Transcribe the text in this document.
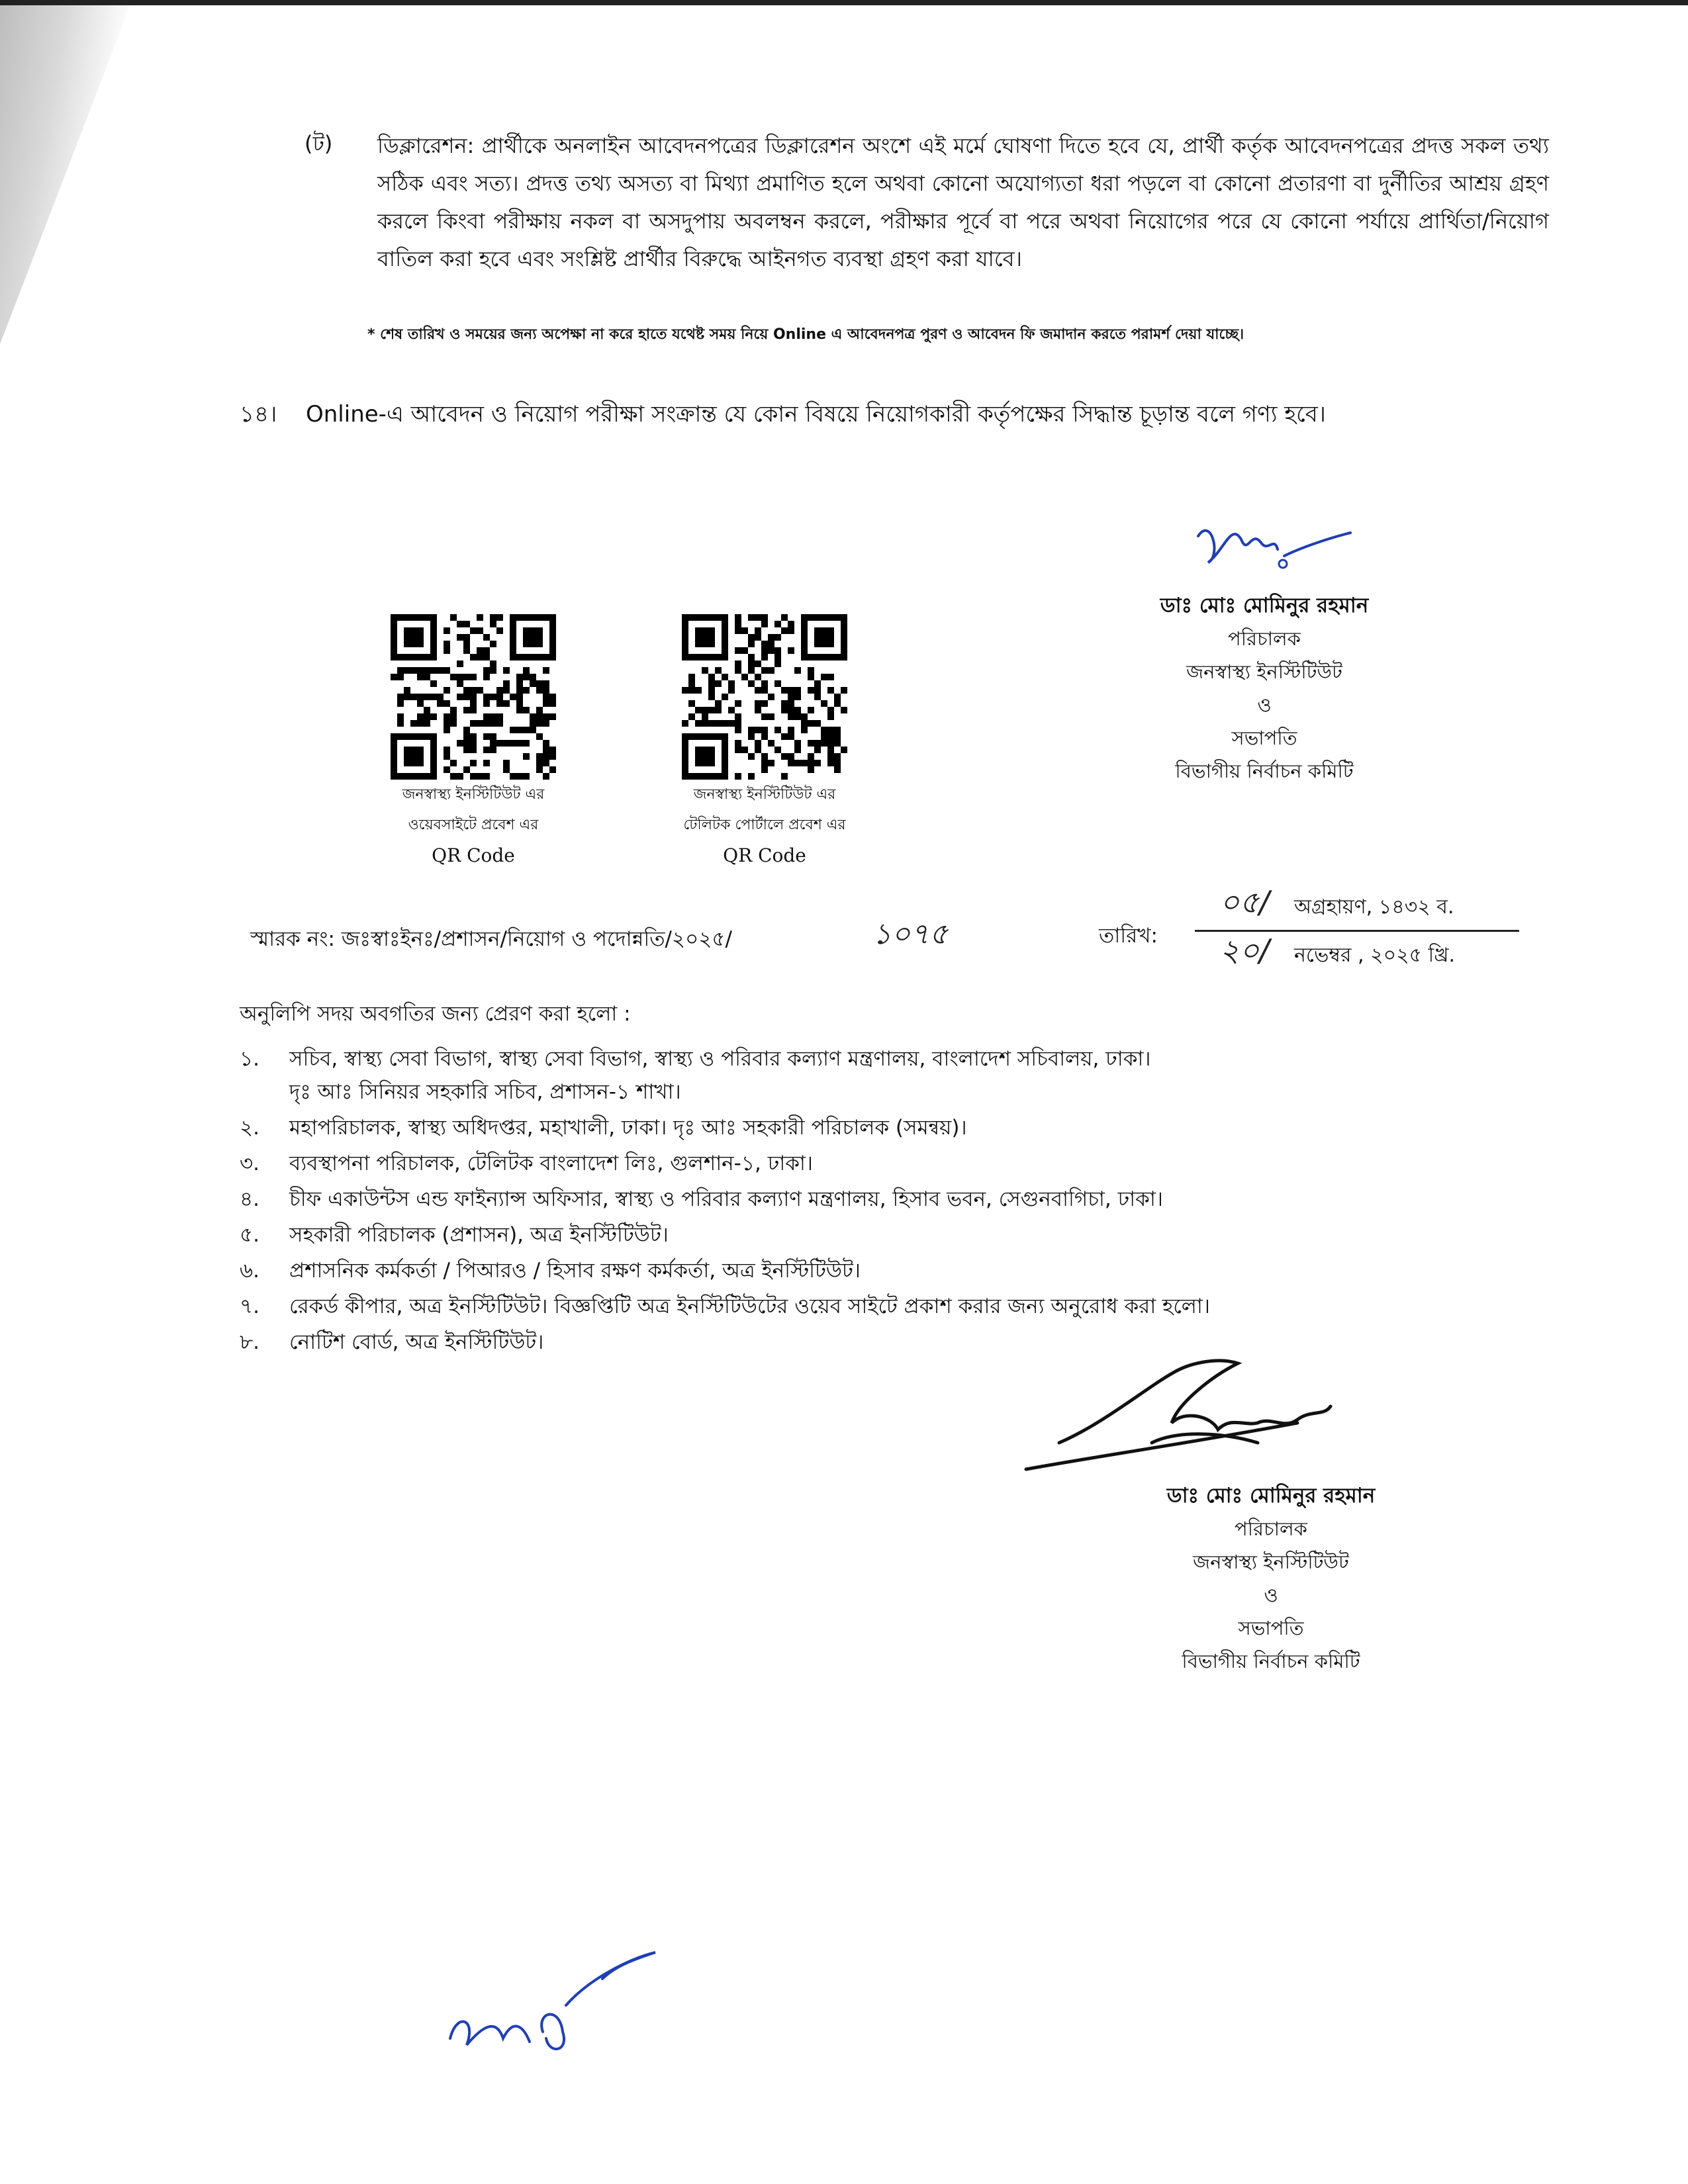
(ট) ডিক্লারেশন: প্রার্থীকে অনলাইন আবেদনপত্রের ডিক্লারেশন অংশে এই মর্মে ঘোষণা দিতে হবে যে, প্রার্থী কর্তৃক আবেদনপত্রের প্রদত্ত সকল তথ্য সঠিক এবং সত্য। প্রদত্ত তথ্য অসত্য বা মিথ্যা প্রমাণিত হলে অথবা কোনো অযোগ্যতা ধরা পড়লে বা কোনো প্রতারণা বা দুর্নীতির আশ্রয় গ্রহণ করলে কিংবা পরীক্ষায় নকল বা অসদুপায় অবলম্বন করলে, পরীক্ষার পূর্বে বা পরে অথবা নিয়োগের পরে যে কোনো পর্যায়ে প্রার্থিতা/নিয়োগ বাতিল করা হবে এবং সংশ্লিষ্ট প্রার্থীর বিরুদ্ধে আইনগত ব্যবস্থা গ্রহণ করা যাবে।
* শেষ তারিখ ও সময়ের জন্য অপেক্ষা না করে হাতে যথেষ্ট সময় নিয়ে Online এ আবেদনপত্র পুরণ ও আবেদন ফি জমাদান করতে পরামর্শ দেয়া যাচ্ছে।
১৪। Online-এ আবেদন ও নিয়োগ পরীক্ষা সংক্রান্ত যে কোন বিষয়ে নিয়োগকারী কর্তৃপক্ষের সিদ্ধান্ত চূড়ান্ত বলে গণ্য হবে।
ডাঃ মোঃ মোমিনুর রহমান
পরিচালক
জনস্বাস্থ্য ইনস্টিটিউট
ও
সভাপতি
বিভাগীয় নির্বাচন কমিটি
জনস্বাস্থ্য ইনস্টিটিউট এর
ওয়েবসাইটে প্রবেশ এর
QR Code
জনস্বাস্থ্য ইনস্টিটিউট এর
টেলিটক পোর্টালে প্রবেশ এর
QR Code
স্মারক নং: জঃস্বাঃইনঃ/প্রশাসন/নিয়োগ ও পদোন্নতি/২০২৫/	১০৭৫	তারিখ:
০৫/	অগ্রহায়ণ, ১৪৩২ ব.
২০/	নভেম্বর , ২০২৫ খ্রি.
অনুলিপি সদয় অবগতির জন্য প্রেরণ করা হলো :
১. সচিব, স্বাস্থ্য সেবা বিভাগ, স্বাস্থ্য সেবা বিভাগ, স্বাস্থ্য ও পরিবার কল্যাণ মন্ত্রণালয়, বাংলাদেশ সচিবালয়, ঢাকা।
দৃঃ আঃ সিনিয়র সহকারি সচিব, প্রশাসন-১ শাখা।
২. মহাপরিচালক, স্বাস্থ্য অধিদপ্তর, মহাখালী, ঢাকা। দৃঃ আঃ সহকারী পরিচালক (সমন্বয়)।
৩. ব্যবস্থাপনা পরিচালক, টেলিটক বাংলাদেশ লিঃ, গুলশান-১, ঢাকা।
৪. চীফ একাউন্টস এন্ড ফাইন্যান্স অফিসার, স্বাস্থ্য ও পরিবার কল্যাণ মন্ত্রণালয়, হিসাব ভবন, সেগুনবাগিচা, ঢাকা।
৫. সহকারী পরিচালক (প্রশাসন), অত্র ইনস্টিটিউট।
৬. প্রশাসনিক কর্মকর্তা / পিআরও / হিসাব রক্ষণ কর্মকর্তা, অত্র ইনস্টিটিউট।
৭. রেকর্ড কীপার, অত্র ইনস্টিটিউট। বিজ্ঞপ্তিটি অত্র ইনস্টিটিউটের ওয়েব সাইটে প্রকাশ করার জন্য অনুরোধ করা হলো।
৮. নোটিশ বোর্ড, অত্র ইনস্টিটিউট।
ডাঃ মোঃ মোমিনুর রহমান
পরিচালক
জনস্বাস্থ্য ইনস্টিটিউট
ও
সভাপতি
বিভাগীয় নির্বাচন কমিটি
